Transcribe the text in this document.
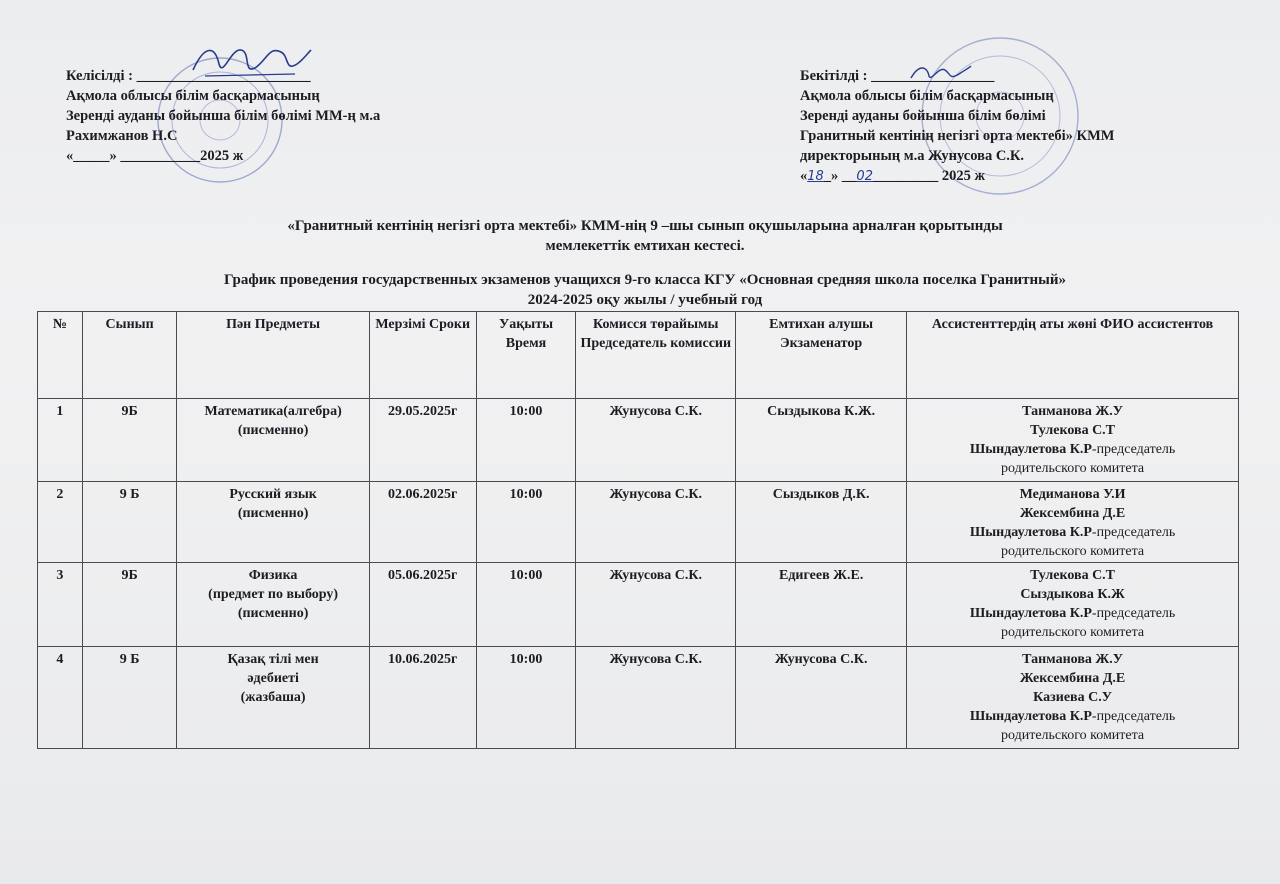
Келісілді : ________________________
Ақмола облысы білім басқармасының
Зеренді ауданы бойынша білім бөлімі ММ-ң м.а
Рахимжанов Н.С
«_____» ___________2025 ж
Бекітілді : _________________
Ақмола облысы білім басқармасының
Зеренді ауданы бойынша білім бөлімі
Гранитный кентінің негізгі орта мектебі» КММ
директорының м.а Жунусова С.К.
«18_» __02_________ 2025 ж
«Гранитный кентінің негізгі орта мектебі» КММ-нің 9 –шы сынып оқушыларына арналған қорытынды
мемлекеттік емтихан кестесі.
График проведения государственных экзаменов учащихся 9-го класса КГУ «Основная средняя школа поселка Гранитный»
2024-2025 оқу жылы / учебный год
№	Сынып	Пән Предметы	Мерзімі Сроки	Уақыты Время	Комисся төрайымы Председатель комиссии	Емтихан алушы Экзаменатор	Ассистенттердің аты жөні ФИО ассистентов
1	9Б	Математика(алгебра)
(писменно)	29.05.2025г	10:00	Жунусова С.К.	Сыздыкова К.Ж.	Танманова Ж.У
Тулекова С.Т
Шындаулетова К.Р-председатель
родительского комитета

2	9 Б	Русский язык
(писменно)	02.06.2025г	10:00	Жунусова С.К.	Сыздыков Д.К.	Медиманова У.И
Жексембина Д.Е
Шындаулетова К.Р-председатель
родительского комитета

3	9Б	Физика
(предмет по выбору)
(писменно)	05.06.2025г	10:00	Жунусова С.К.	Едигеев Ж.Е.	Тулекова С.Т
Сыздыкова К.Ж
Шындаулетова К.Р-председатель
родительского комитета

4	9 Б	Қазақ тілі мен
әдебиеті
(жазбаша)	10.06.2025г	10:00	Жунусова С.К.	Жунусова С.К.	Танманова Ж.У
Жексембина Д.Е
Казиева С.У
Шындаулетова К.Р-председатель
родительского комитета
